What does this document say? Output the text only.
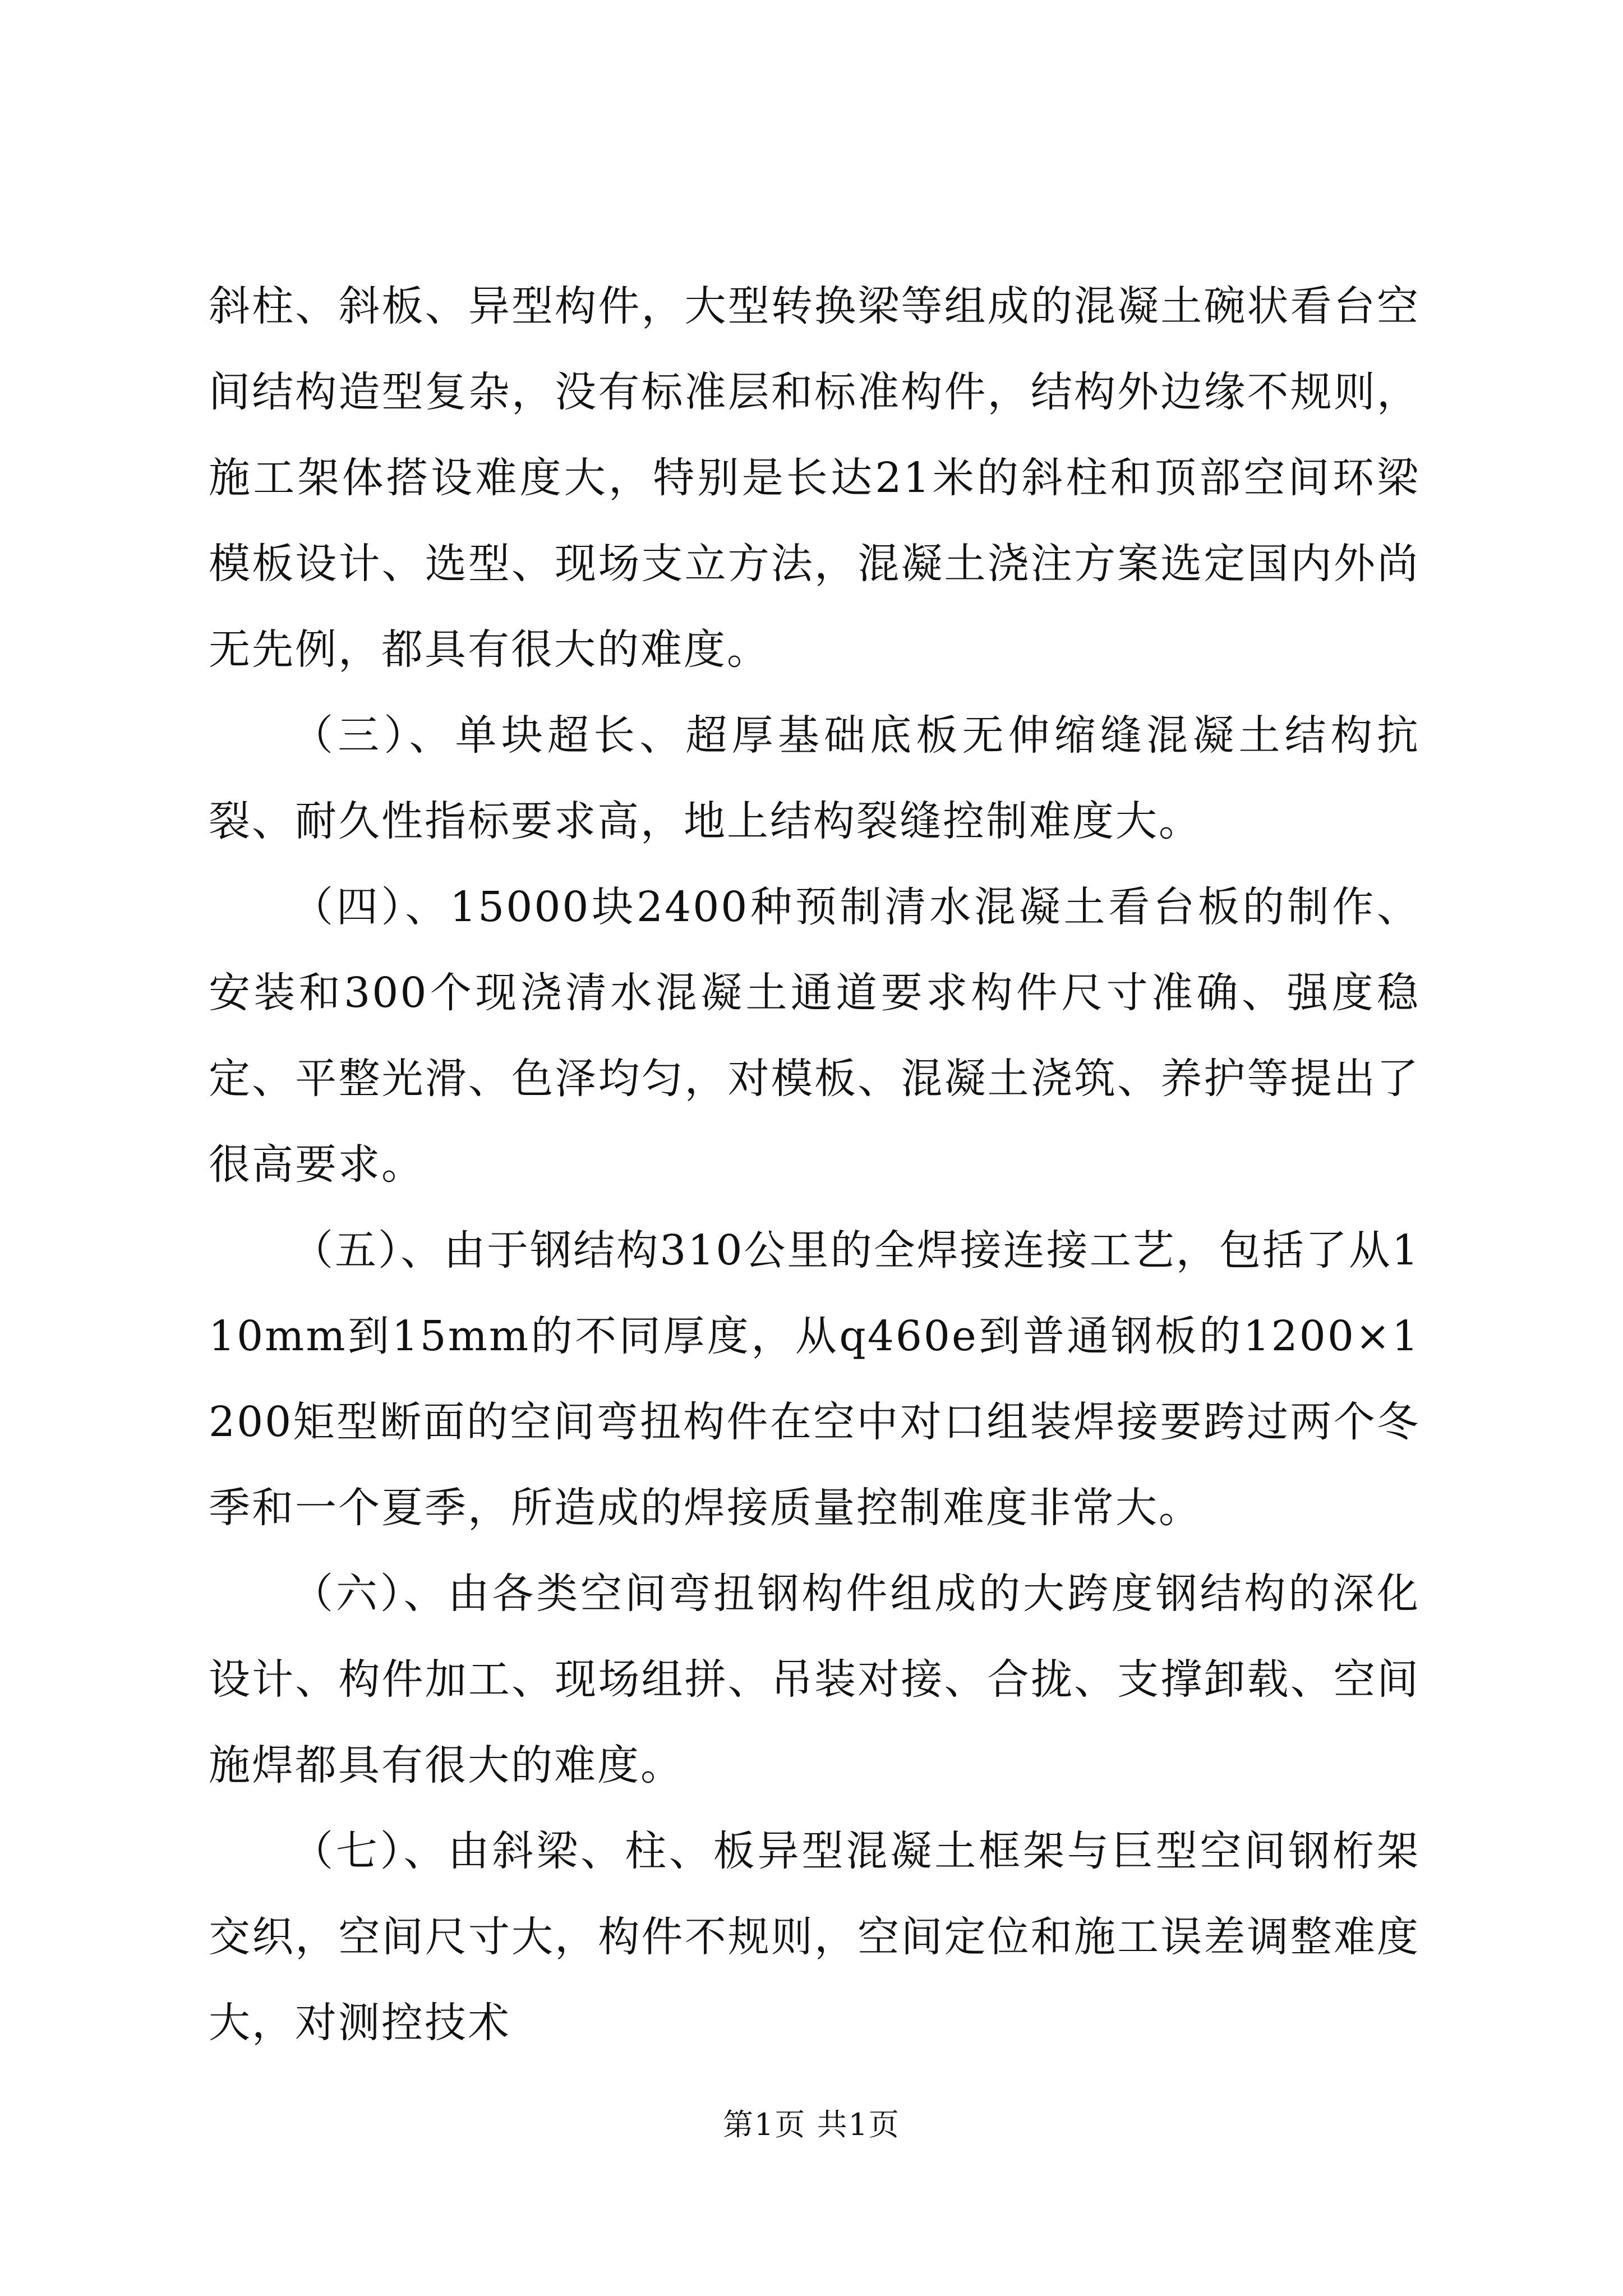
斜柱、斜板、异型构件，大型转换梁等组成的混凝土碗状看台空间结构造型复杂，没有标准层和标准构件，结构外边缘不规则，施工架体搭设难度大，特别是长达21米的斜柱和顶部空间环梁模板设计、选型、现场支立方法，混凝土浇注方案选定国内外尚无先例，都具有很大的难度。

（三）、单块超长、超厚基础底板无伸缩缝混凝土结构抗裂、耐久性指标要求高，地上结构裂缝控制难度大。

（四）、15000块2400种预制清水混凝土看台板的制作、安装和300个现浇清水混凝土通道要求构件尺寸准确、强度稳定、平整光滑、色泽均匀，对模板、混凝土浇筑、养护等提出了很高要求。

（五）、由于钢结构310公里的全焊接连接工艺，包括了从110mm到15mm的不同厚度，从q460e到普通钢板的1200×1200矩型断面的空间弯扭构件在空中对口组装焊接要跨过两个冬季和一个夏季，所造成的焊接质量控制难度非常大。

（六）、由各类空间弯扭钢构件组成的大跨度钢结构的深化设计、构件加工、现场组拼、吊装对接、合拢、支撑卸载、空间施焊都具有很大的难度。

（七）、由斜梁、柱、板异型混凝土框架与巨型空间钢桁架交织，空间尺寸大，构件不规则，空间定位和施工误差调整难度大，对测控技术

第1页 共1页
